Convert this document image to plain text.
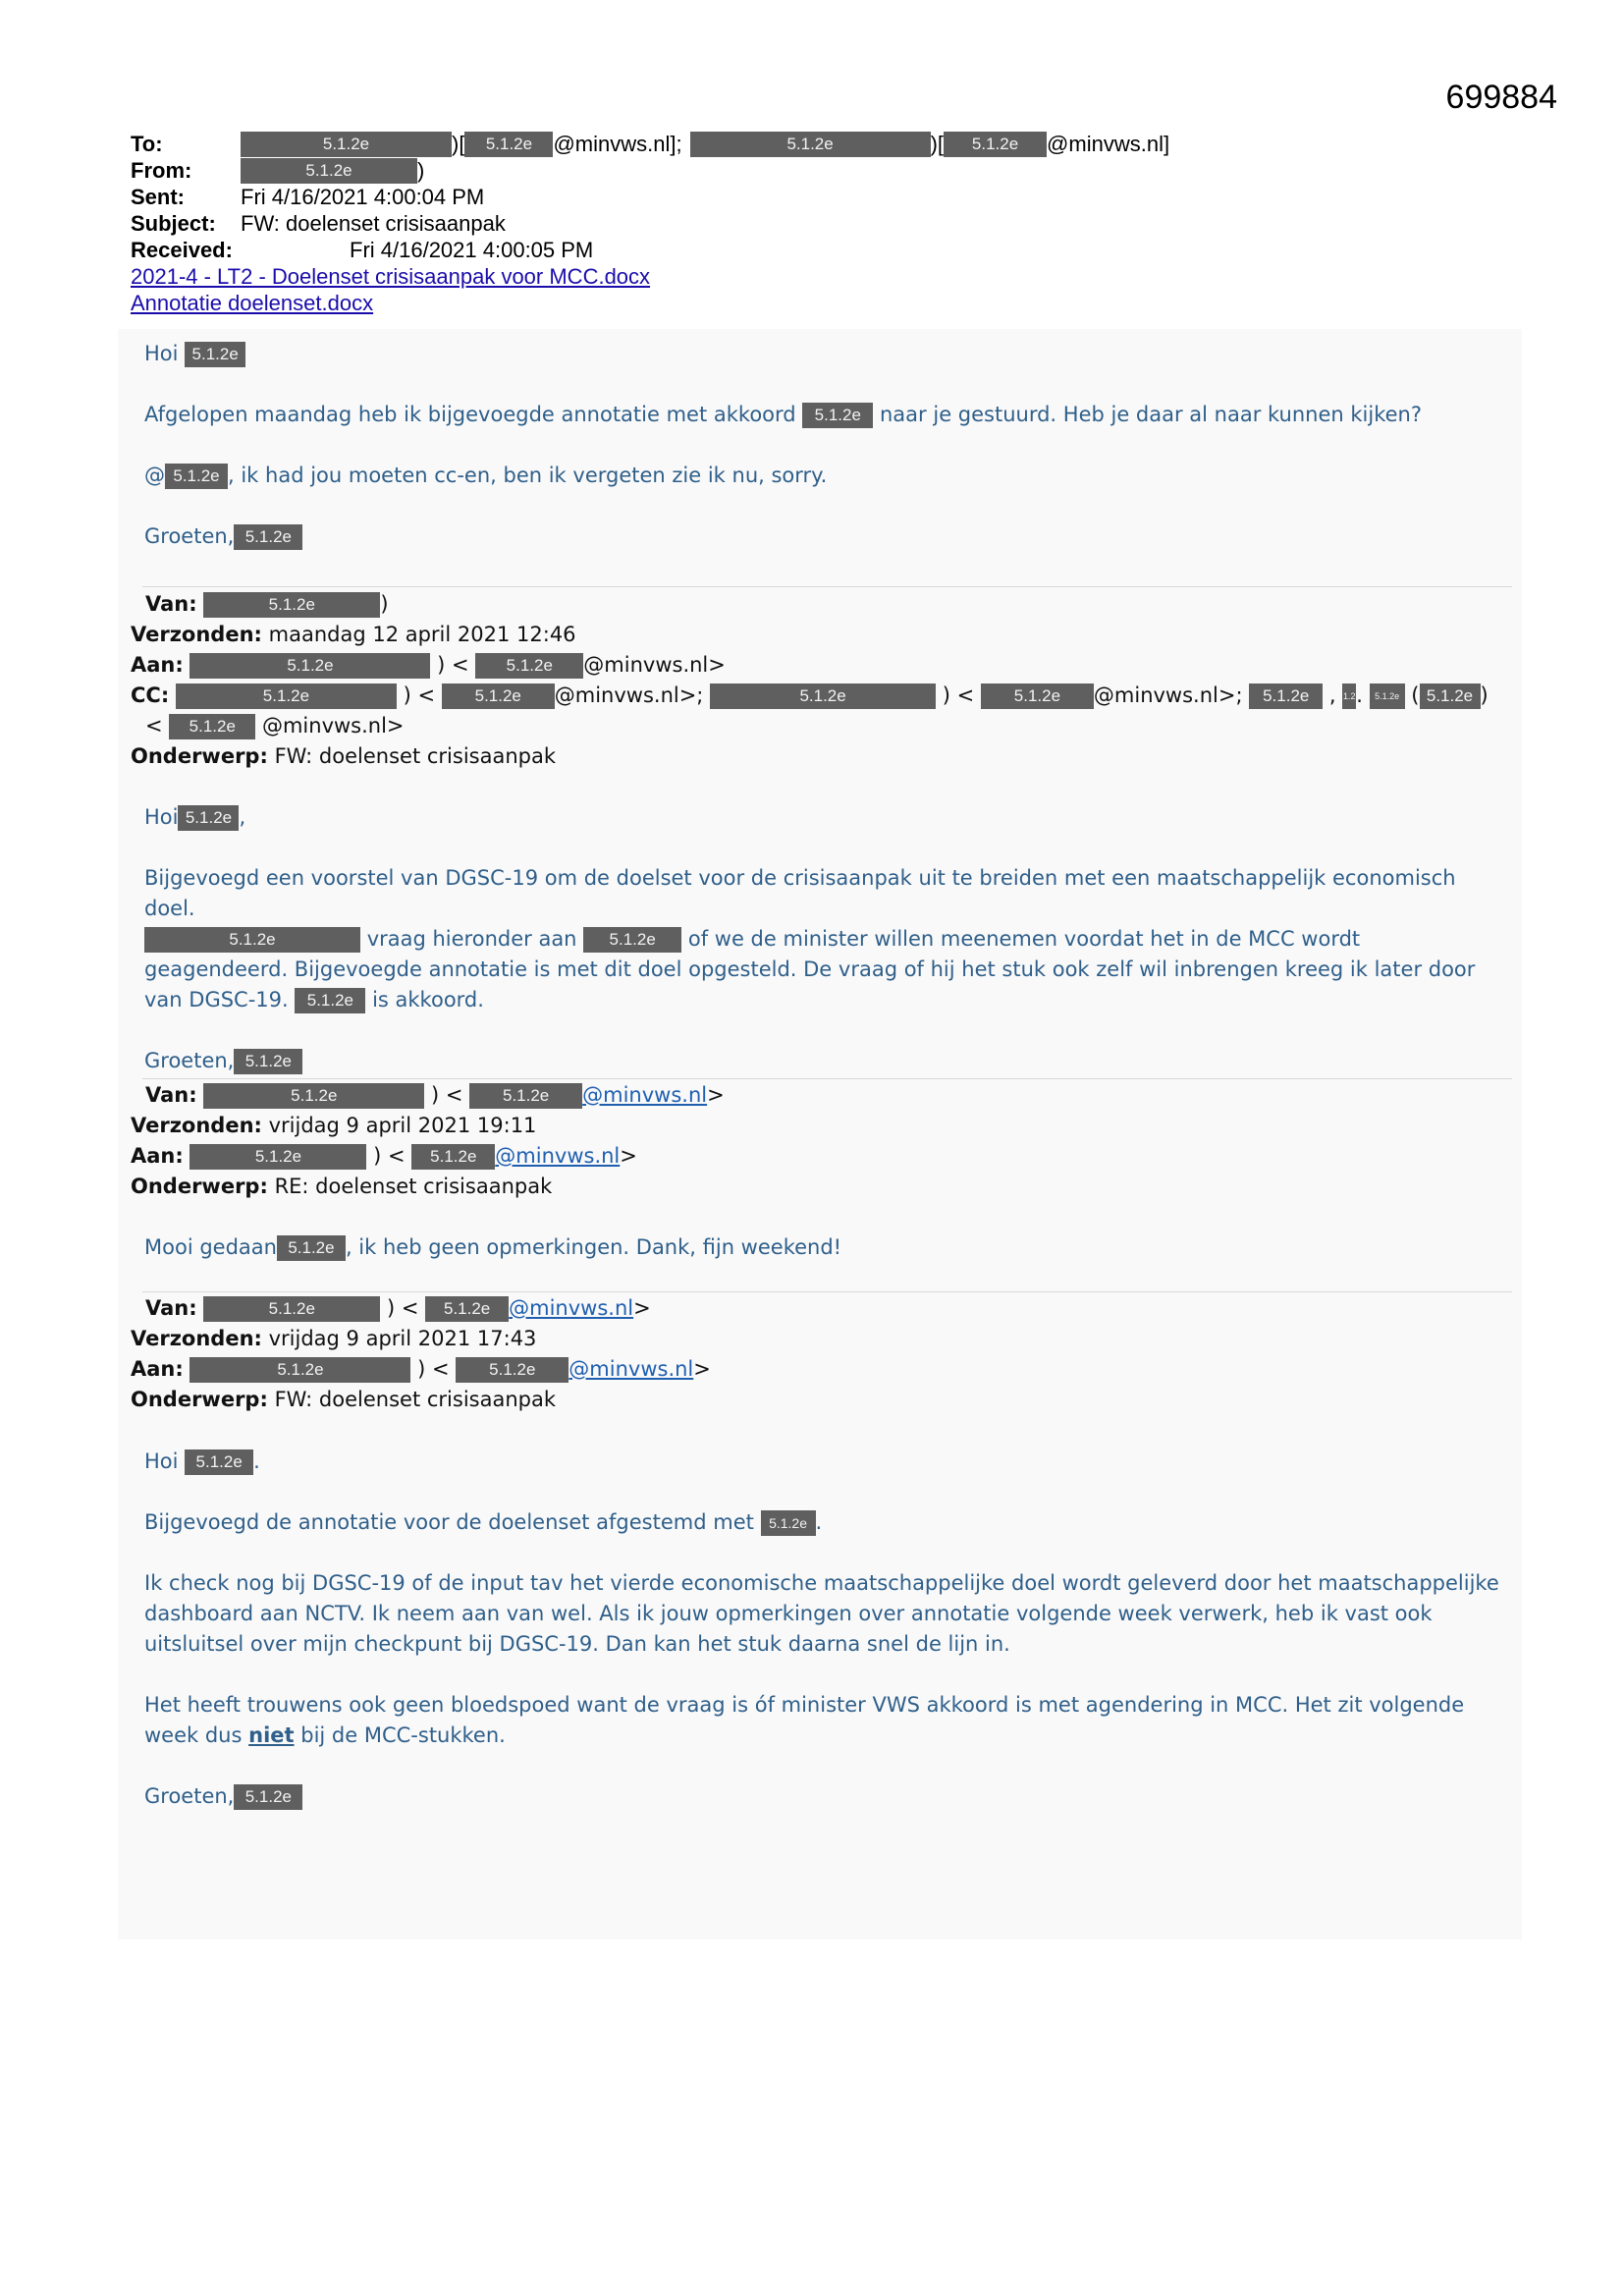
699884
To:	5.1.2e	)[	5.1.2e @minvws.nl];	5.1.2e	)[	5.1.2e	@minvws.nl]
From:	5.1.2e	)
Sent:	Fri 4/16/2021 4:00:04 PM
Subject:	FW: doelenset crisisaanpak
Received:	Fri 4/16/2021 4:00:05 PM
2021-4 - LT2 - Doelenset crisisaanpak voor MCC.docx
Annotatie doelenset.docx
Hoi 5.1.2e
Afgelopen maandag heb ik bijgevoegde annotatie met akkoord 5.1.2e naar je gestuurd. Heb je daar al naar kunnen kijken?
@ 5.1.2e , ik had jou moeten cc-en, ben ik vergeten zie ik nu, sorry.
Groeten, 5.1.2e
Van:	5.1.2e	)
Verzonden: maandag 12 april 2021 12:46
Aan:	5.1.2e	) < 5.1.2e @minvws.nl>
CC:	5.1.2e	) < 5.1.2e @minvws.nl>;	5.1.2e	) < 5.1.2e @minvws.nl>; 5.1.2e , 1.2. 5.1.2e ( 5.1.2e )
< 5.1.2e @minvws.nl>
Onderwerp: FW: doelenset crisisaanpak
Hoi 5.1.2e ,
Bijgevoegd een voorstel van DGSC-19 om de doelset voor de crisisaanpak uit te breiden met een maatschappelijk economisch doel.
5.1.2e	vraag hieronder aan 5.1.2e of we de minister willen meenemen voordat het in de MCC wordt
geagendeerd. Bijgevoegde annotatie is met dit doel opgesteld. De vraag of hij het stuk ook zelf wil inbrengen kreeg ik later door
van DGSC-19. 5.1.2e is akkoord.
Groeten, 5.1.2e
Van:	5.1.2e	) < 5.1.2e @minvws.nl>
Verzonden: vrijdag 9 april 2021 19:11
Aan:	5.1.2e	) < 5.1.2e @minvws.nl>
Onderwerp: RE: doelenset crisisaanpak
Mooi gedaan 5.1.2e , ik heb geen opmerkingen. Dank, fijn weekend!
Van:	5.1.2e	) < 5.1.2e @minvws.nl>
Verzonden: vrijdag 9 april 2021 17:43
Aan:	5.1.2e	) < 5.1.2e @minvws.nl>
Onderwerp: FW: doelenset crisisaanpak
Hoi 5.1.2e .
Bijgevoegd de annotatie voor de doelenset afgestemd met 5.1.2e .
Ik check nog bij DGSC-19 of de input tav het vierde economische maatschappelijke doel wordt geleverd door het maatschappelijke
dashboard aan NCTV. Ik neem aan van wel. Als ik jouw opmerkingen over annotatie volgende week verwerk, heb ik vast ook
uitsluitsel over mijn checkpunt bij DGSC-19. Dan kan het stuk daarna snel de lijn in.
Het heeft trouwens ook geen bloedspoed want de vraag is óf minister VWS akkoord is met agendering in MCC. Het zit volgende
week dus niet bij de MCC-stukken.
Groeten, 5.1.2e
